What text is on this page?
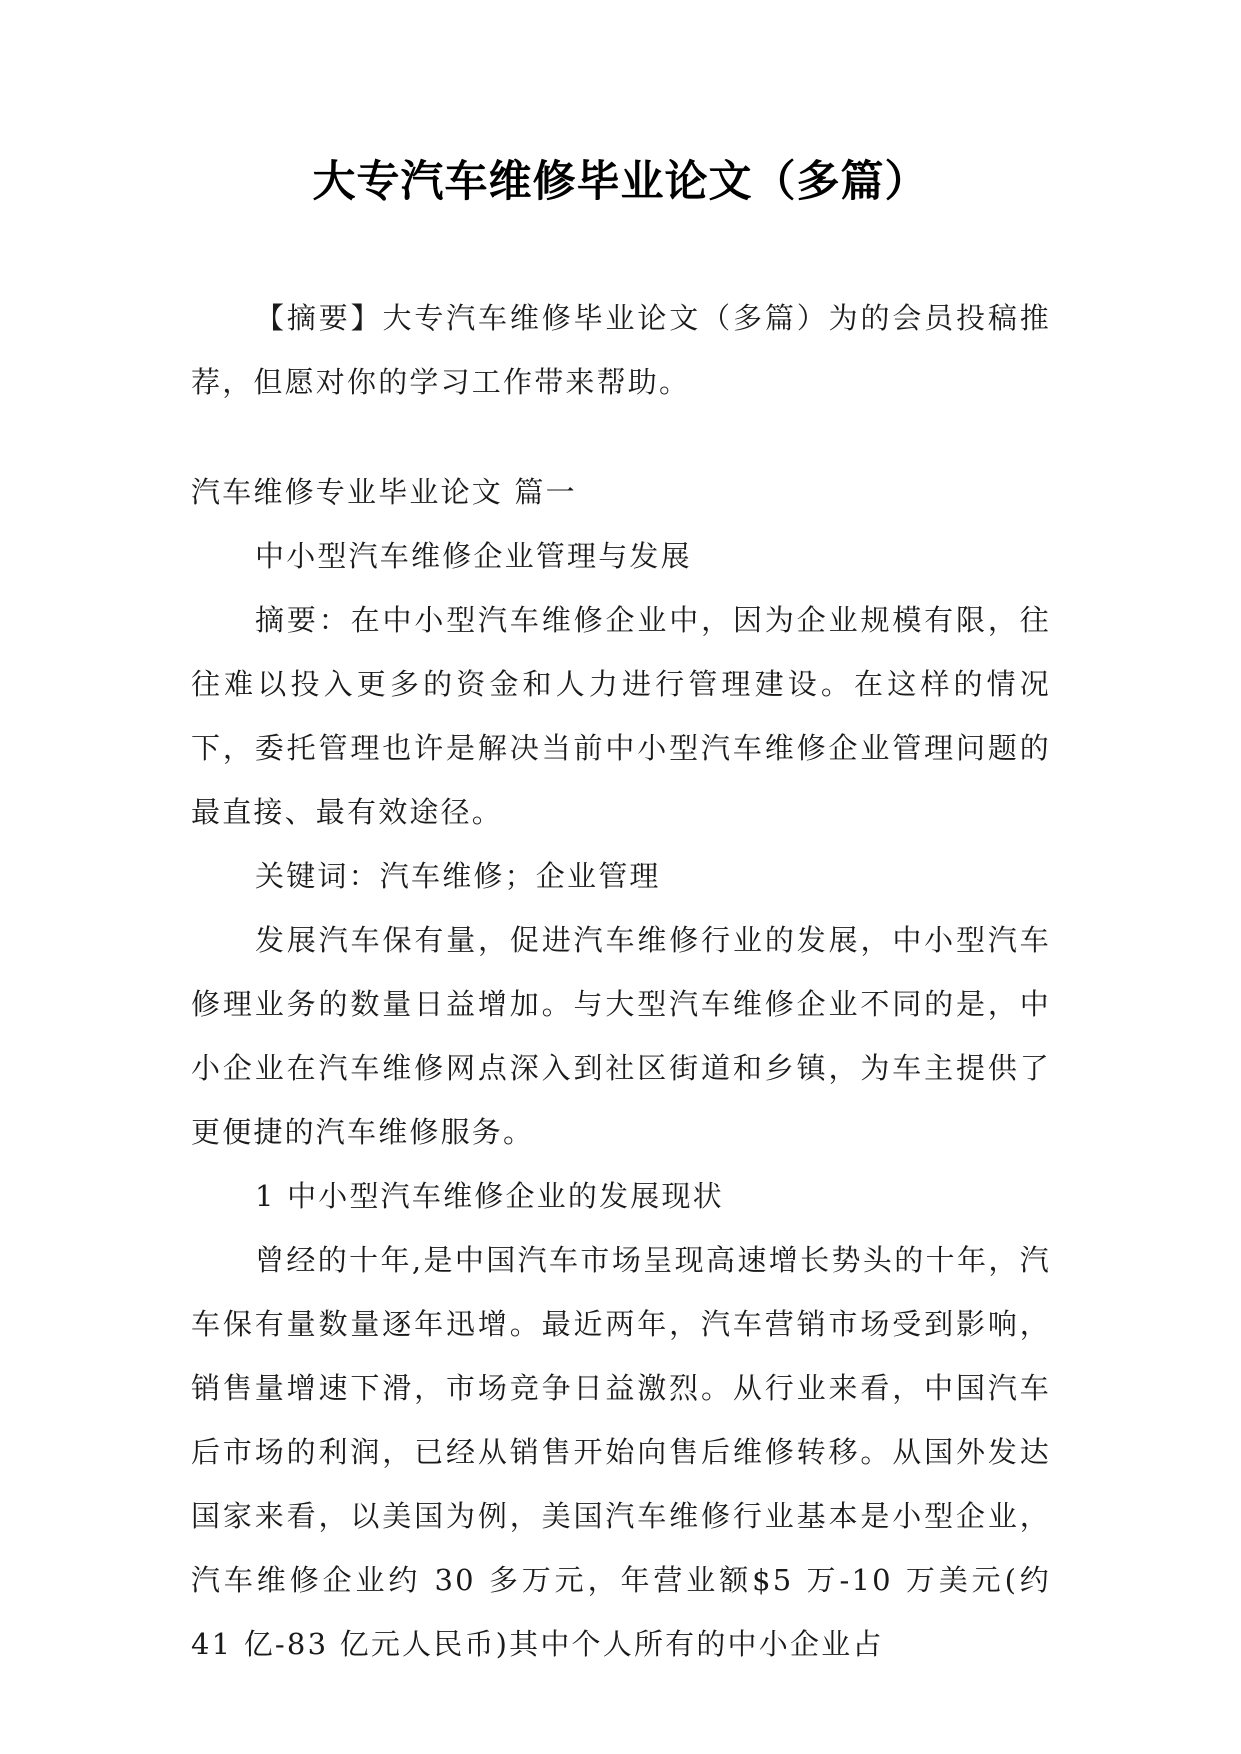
大专汽车维修毕业论文（多篇）

【摘要】大专汽车维修毕业论文（多篇）为的会员投稿推荐，但愿对你的学习工作带来帮助。

汽车维修专业毕业论文 篇一

中小型汽车维修企业管理与发展

摘要：在中小型汽车维修企业中，因为企业规模有限，往往难以投入更多的资金和人力进行管理建设。在这样的情况下，委托管理也许是解决当前中小型汽车维修企业管理问题的最直接、最有效途径。

关键词：汽车维修；企业管理

发展汽车保有量，促进汽车维修行业的发展，中小型汽车修理业务的数量日益增加。与大型汽车维修企业不同的是，中小企业在汽车维修网点深入到社区街道和乡镇，为车主提供了更便捷的汽车维修服务。

1 中小型汽车维修企业的发展现状

曾经的十年,是中国汽车市场呈现高速增长势头的十年，汽车保有量数量逐年迅增。最近两年，汽车营销市场受到影响，销售量增速下滑，市场竞争日益激烈。从行业来看，中国汽车后市场的利润，已经从销售开始向售后维修转移。从国外发达国家来看，以美国为例，美国汽车维修行业基本是小型企业，汽车维修企业约 30 多万元，年营业额$5 万-10 万美元(约 41 亿-83 亿元人民币)其中个人所有的中小企业占
